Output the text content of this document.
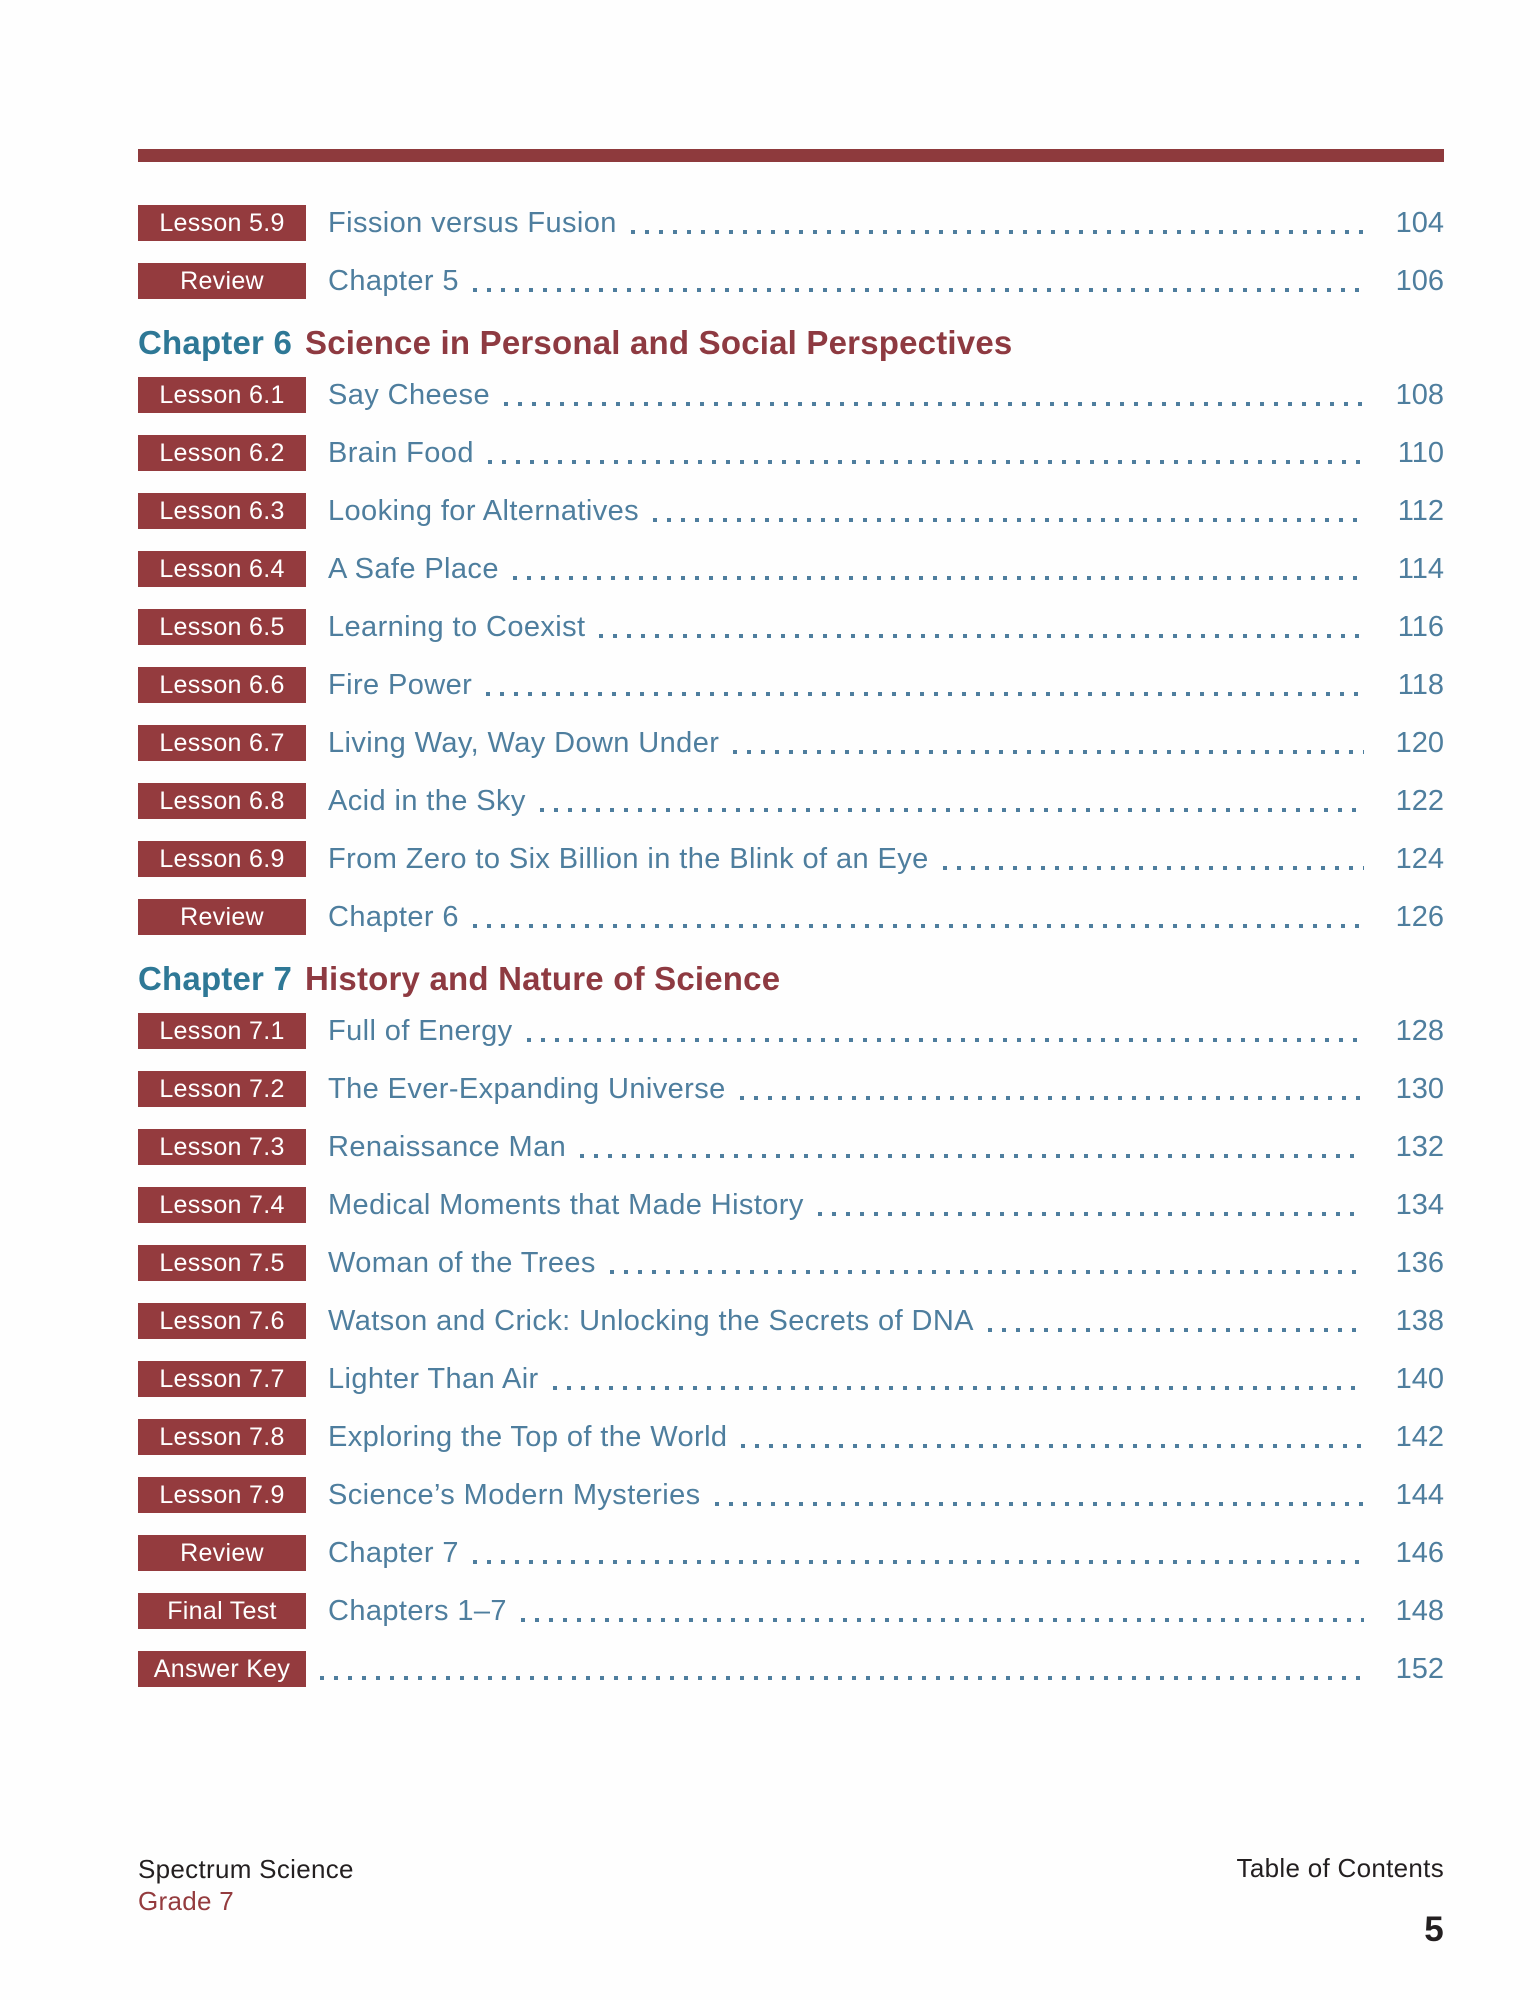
Lesson 5.9	Fission versus Fusion	104
Review	Chapter 5	106
Chapter 6 Science in Personal and Social Perspectives
Lesson 6.1	Say Cheese	108
Lesson 6.2	Brain Food	110
Lesson 6.3	Looking for Alternatives	112
Lesson 6.4	A Safe Place	114
Lesson 6.5	Learning to Coexist	116
Lesson 6.6	Fire Power	118
Lesson 6.7	Living Way, Way Down Under	120
Lesson 6.8	Acid in the Sky	122
Lesson 6.9	From Zero to Six Billion in the Blink of an Eye	124
Review	Chapter 6	126
Chapter 7 History and Nature of Science
Lesson 7.1	Full of Energy	128
Lesson 7.2	The Ever-Expanding Universe	130
Lesson 7.3	Renaissance Man	132
Lesson 7.4	Medical Moments that Made History	134
Lesson 7.5	Woman of the Trees	136
Lesson 7.6	Watson and Crick: Unlocking the Secrets of DNA	138
Lesson 7.7	Lighter Than Air	140
Lesson 7.8	Exploring the Top of the World	142
Lesson 7.9	Science’s Modern Mysteries	144
Review	Chapter 7	146
Final Test	Chapters 1–7	148
Answer Key	152
Spectrum Science
Grade 7
Table of Contents
5
